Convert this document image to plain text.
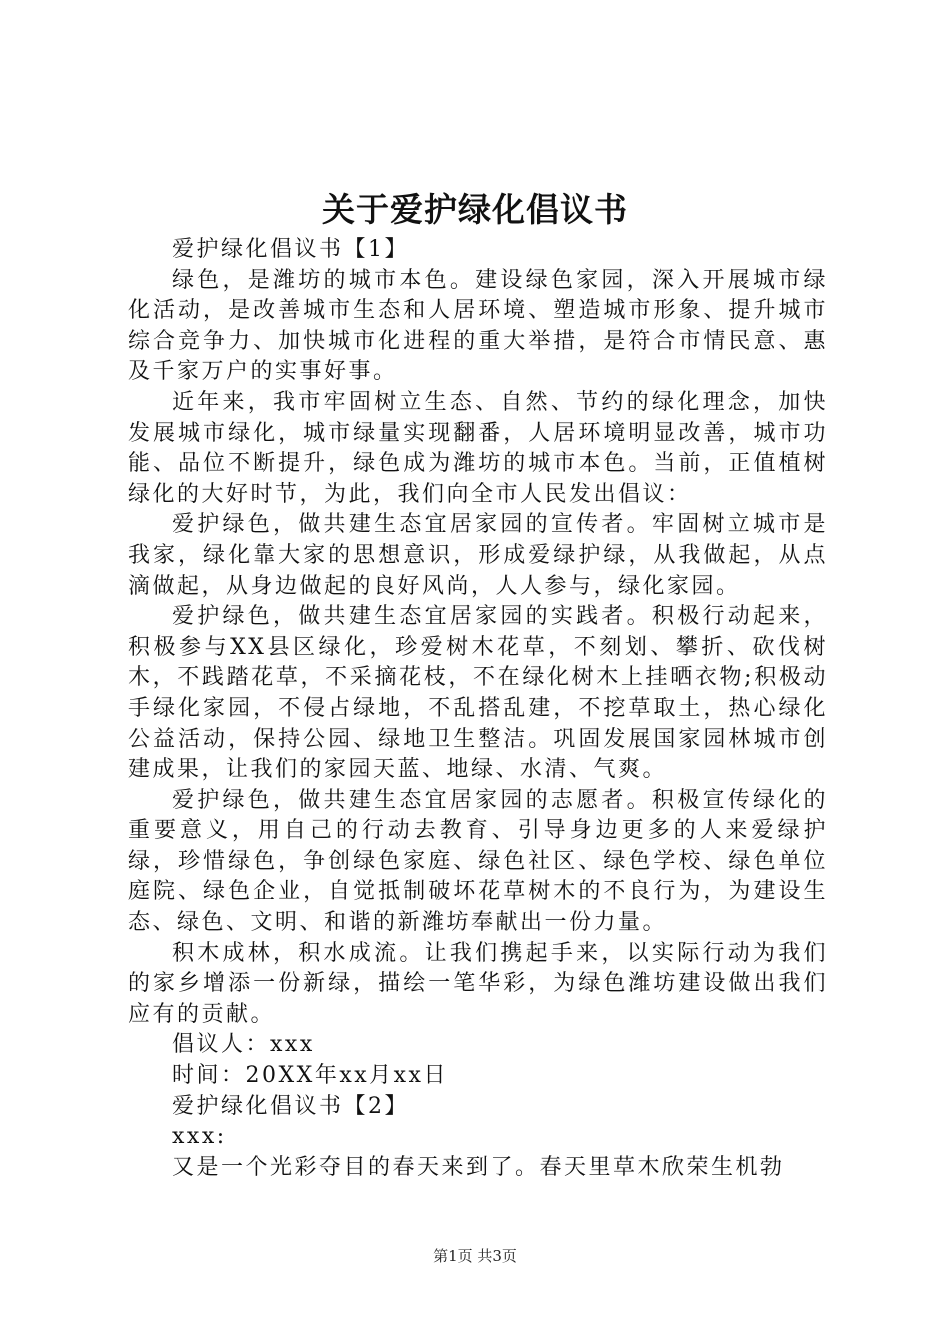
关于爱护绿化倡议书

爱护绿化倡议书【1】

绿色，是潍坊的城市本色。建设绿色家园，深入开展城市绿化活动，是改善城市生态和人居环境、塑造城市形象、提升城市综合竞争力、加快城市化进程的重大举措，是符合市情民意、惠及千家万户的实事好事。

近年来，我市牢固树立生态、自然、节约的绿化理念，加快发展城市绿化，城市绿量实现翻番，人居环境明显改善，城市功能、品位不断提升，绿色成为潍坊的城市本色。当前，正值植树绿化的大好时节，为此，我们向全市人民发出倡议：

爱护绿色，做共建生态宜居家园的宣传者。牢固树立城市是我家，绿化靠大家的思想意识，形成爱绿护绿，从我做起，从点滴做起，从身边做起的良好风尚，人人参与，绿化家园。

爱护绿色，做共建生态宜居家园的实践者。积极行动起来，积极参与XX县区绿化，珍爱树木花草，不刻划、攀折、砍伐树木，不践踏花草，不采摘花枝，不在绿化树木上挂晒衣物;积极动手绿化家园，不侵占绿地，不乱搭乱建，不挖草取土，热心绿化公益活动，保持公园、绿地卫生整洁。巩固发展国家园林城市创建成果，让我们的家园天蓝、地绿、水清、气爽。

爱护绿色，做共建生态宜居家园的志愿者。积极宣传绿化的重要意义，用自己的行动去教育、引导身边更多的人来爱绿护绿，珍惜绿色，争创绿色家庭、绿色社区、绿色学校、绿色单位庭院、绿色企业，自觉抵制破坏花草树木的不良行为，为建设生态、绿色、文明、和谐的新潍坊奉献出一份力量。

积木成林，积水成流。让我们携起手来，以实际行动为我们的家乡增添一份新绿，描绘一笔华彩，为绿色潍坊建设做出我们应有的贡献。

倡议人：xxx

时间：20XX年xx月xx日

爱护绿化倡议书【2】

xxx:

又是一个光彩夺目的春天来到了。春天里草木欣荣生机勃

第1页 共3页
